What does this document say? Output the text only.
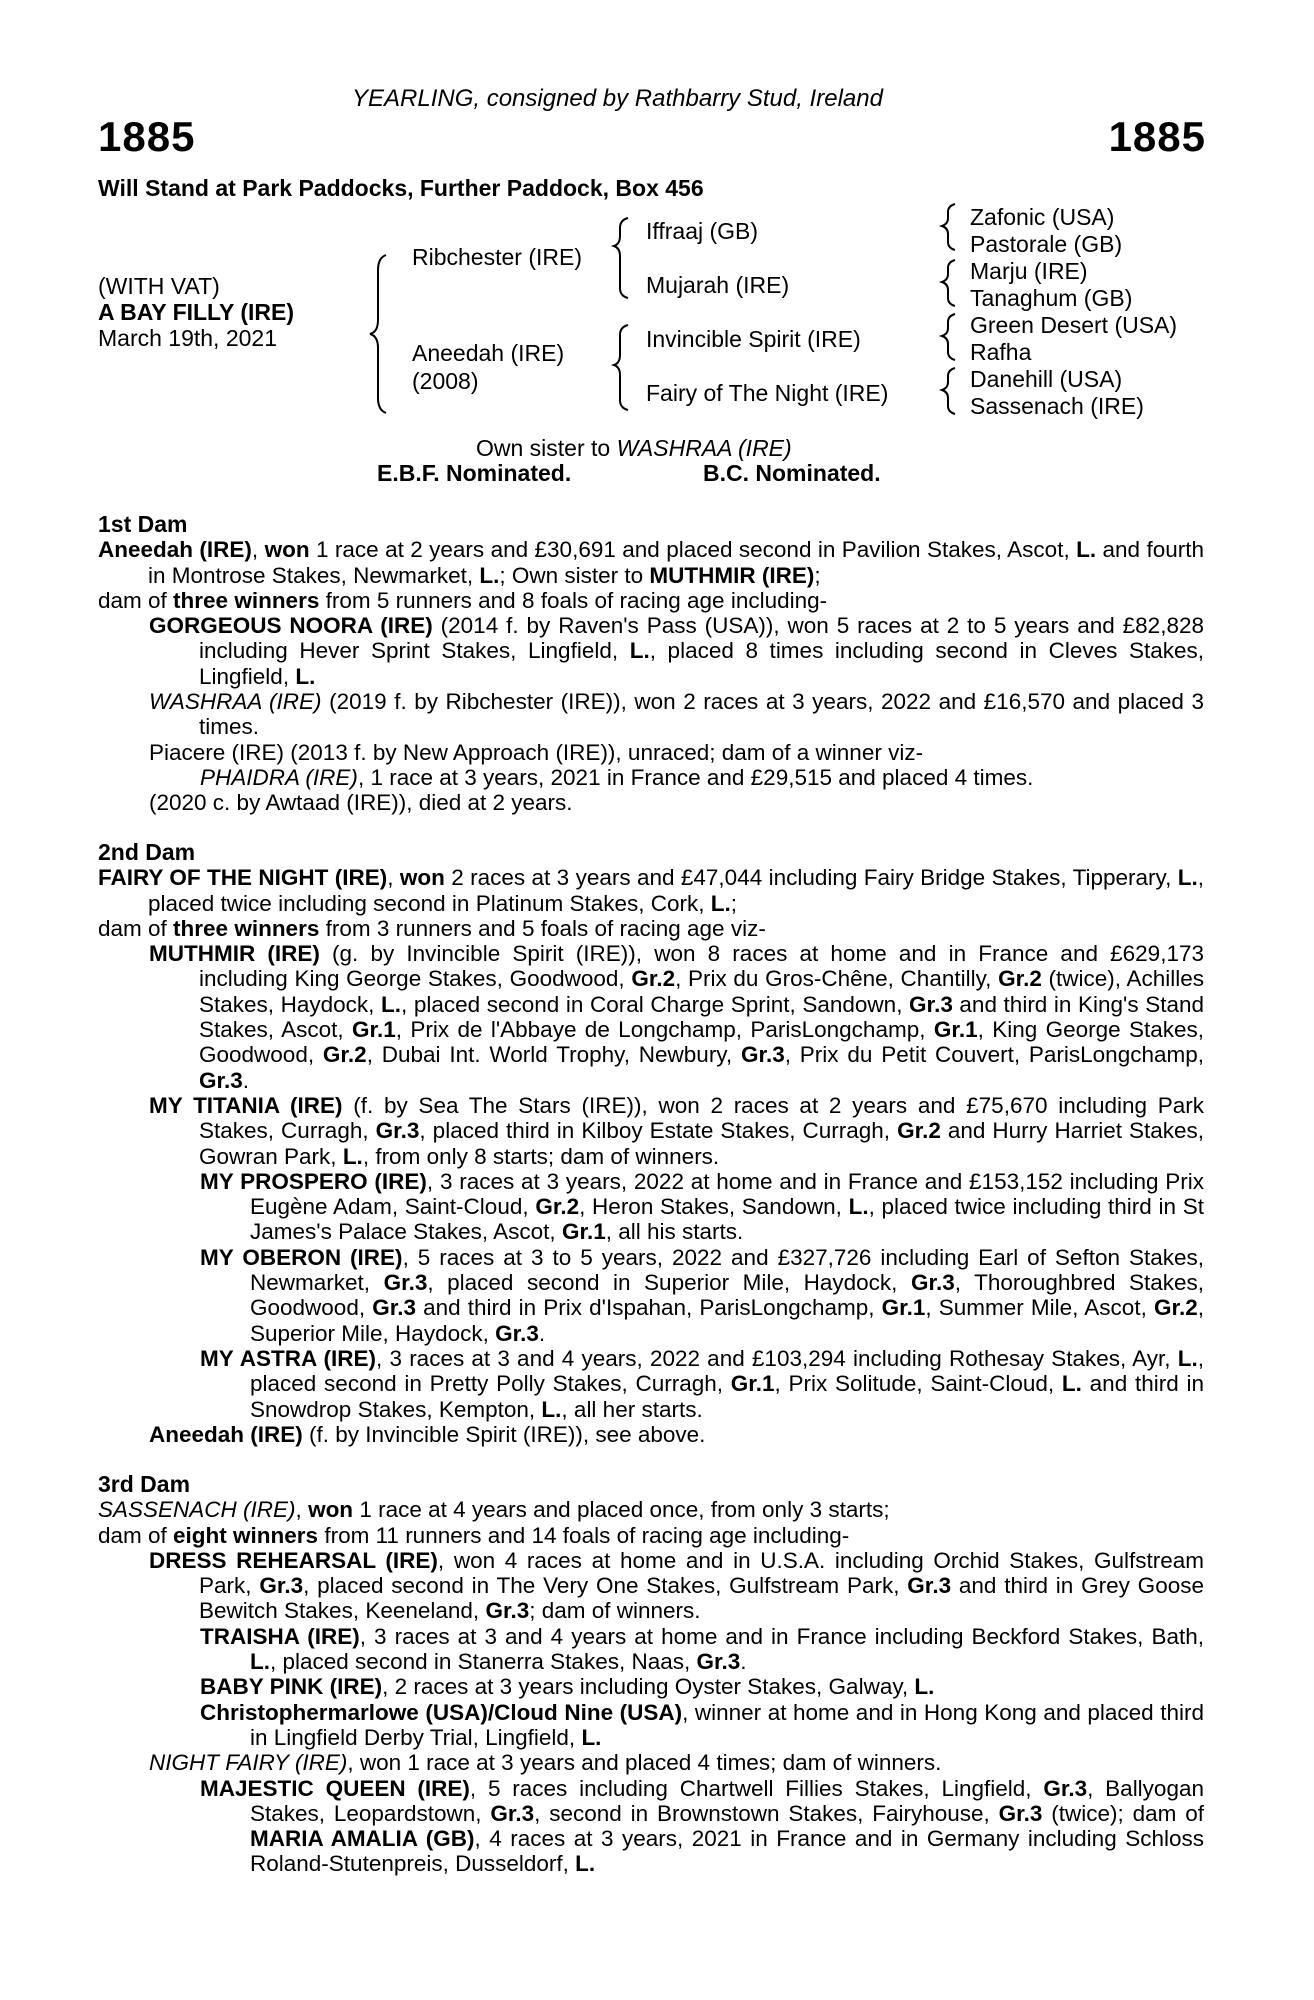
YEARLING, consigned by Rathbarry Stud, Ireland
1885	1885
Will Stand at Park Paddocks, Further Paddock, Box 456
(WITH VAT)
A BAY FILLY (IRE)
March 19th, 2021
Ribchester (IRE)
Aneedah (IRE)
(2008)
Iffraaj (GB)
Mujarah (IRE)
Invincible Spirit (IRE)
Fairy of The Night (IRE)
Zafonic (USA)
Pastorale (GB)
Marju (IRE)
Tanaghum (GB)
Green Desert (USA)
Rafha
Danehill (USA)
Sassenach (IRE)
Own sister to WASHRAA (IRE)
E.B.F. Nominated.	B.C. Nominated.

1st Dam

Aneedah (IRE), won 1 race at 2 years and £30,691 and placed second in Pavilion Stakes, Ascot, L. and fourth in Montrose Stakes, Newmarket, L.; Own sister to MUTHMIR (IRE);

dam of three winners from 5 runners and 8 foals of racing age including-

GORGEOUS NOORA (IRE) (2014 f. by Raven's Pass (USA)), won 5 races at 2 to 5 years and £82,828 including Hever Sprint Stakes, Lingfield, L., placed 8 times including second in Cleves Stakes, Lingfield, L.

WASHRAA (IRE) (2019 f. by Ribchester (IRE)), won 2 races at 3 years, 2022 and £16,570 and placed 3 times.

Piacere (IRE) (2013 f. by New Approach (IRE)), unraced; dam of a winner viz-

PHAIDRA (IRE), 1 race at 3 years, 2021 in France and £29,515 and placed 4 times.

(2020 c. by Awtaad (IRE)), died at 2 years.

2nd Dam

FAIRY OF THE NIGHT (IRE), won 2 races at 3 years and £47,044 including Fairy Bridge Stakes, Tipperary, L., placed twice including second in Platinum Stakes, Cork, L.;

dam of three winners from 3 runners and 5 foals of racing age viz-

MUTHMIR (IRE) (g. by Invincible Spirit (IRE)), won 8 races at home and in France and £629,173 including King George Stakes, Goodwood, Gr.2, Prix du Gros-Chêne, Chantilly, Gr.2 (twice), Achilles Stakes, Haydock, L., placed second in Coral Charge Sprint, Sandown, Gr.3 and third in King's Stand Stakes, Ascot, Gr.1, Prix de l'Abbaye de Longchamp, ParisLongchamp, Gr.1, King George Stakes, Goodwood, Gr.2, Dubai Int. World Trophy, Newbury, Gr.3, Prix du Petit Couvert, ParisLongchamp, Gr.3.

MY TITANIA (IRE) (f. by Sea The Stars (IRE)), won 2 races at 2 years and £75,670 including Park Stakes, Curragh, Gr.3, placed third in Kilboy Estate Stakes, Curragh, Gr.2 and Hurry Harriet Stakes, Gowran Park, L., from only 8 starts; dam of winners.

MY PROSPERO (IRE), 3 races at 3 years, 2022 at home and in France and £153,152 including Prix Eugène Adam, Saint-Cloud, Gr.2, Heron Stakes, Sandown, L., placed twice including third in St James's Palace Stakes, Ascot, Gr.1, all his starts.

MY OBERON (IRE), 5 races at 3 to 5 years, 2022 and £327,726 including Earl of Sefton Stakes, Newmarket, Gr.3, placed second in Superior Mile, Haydock, Gr.3, Thoroughbred Stakes, Goodwood, Gr.3 and third in Prix d'Ispahan, ParisLongchamp, Gr.1, Summer Mile, Ascot, Gr.2, Superior Mile, Haydock, Gr.3.

MY ASTRA (IRE), 3 races at 3 and 4 years, 2022 and £103,294 including Rothesay Stakes, Ayr, L., placed second in Pretty Polly Stakes, Curragh, Gr.1, Prix Solitude, Saint-Cloud, L. and third in Snowdrop Stakes, Kempton, L., all her starts.

Aneedah (IRE) (f. by Invincible Spirit (IRE)), see above.

3rd Dam

SASSENACH (IRE), won 1 race at 4 years and placed once, from only 3 starts;

dam of eight winners from 11 runners and 14 foals of racing age including-

DRESS REHEARSAL (IRE), won 4 races at home and in U.S.A. including Orchid Stakes, Gulfstream Park, Gr.3, placed second in The Very One Stakes, Gulfstream Park, Gr.3 and third in Grey Goose Bewitch Stakes, Keeneland, Gr.3; dam of winners.

TRAISHA (IRE), 3 races at 3 and 4 years at home and in France including Beckford Stakes, Bath, L., placed second in Stanerra Stakes, Naas, Gr.3.

BABY PINK (IRE), 2 races at 3 years including Oyster Stakes, Galway, L.

Christophermarlowe (USA)/Cloud Nine (USA), winner at home and in Hong Kong and placed third in Lingfield Derby Trial, Lingfield, L.

NIGHT FAIRY (IRE), won 1 race at 3 years and placed 4 times; dam of winners.

MAJESTIC QUEEN (IRE), 5 races including Chartwell Fillies Stakes, Lingfield, Gr.3, Ballyogan Stakes, Leopardstown, Gr.3, second in Brownstown Stakes, Fairyhouse, Gr.3 (twice); dam of MARIA AMALIA (GB), 4 races at 3 years, 2021 in France and in Germany including Schloss Roland-Stutenpreis, Dusseldorf, L.
